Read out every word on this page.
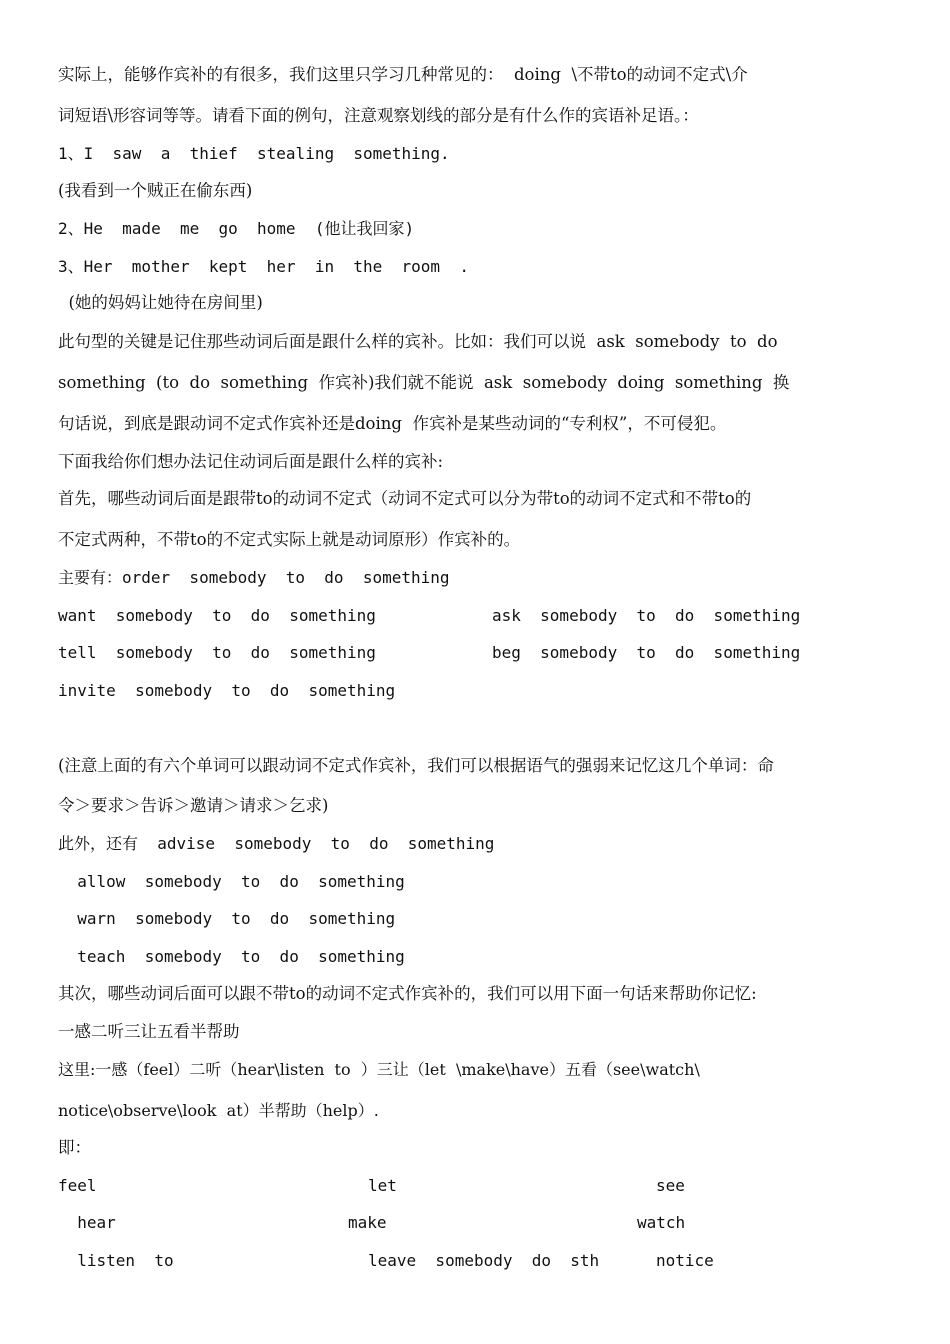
实际上，能够作宾补的有很多，我们这里只学习几种常见的：  doing  \不带to的动词不定式\介
词短语\形容词等等。请看下面的例句，注意观察划线的部分是有什么作的宾语补足语。：
1、I  saw  a  thief  stealing  something.
(我看到一个贼正在偷东西)
2、He  made  me  go  home  (他让我回家)
3、Her  mother  kept  her  in  the  room  .
(她的妈妈让她待在房间里)
此句型的关键是记住那些动词后面是跟什么样的宾补。比如：我们可以说  ask  somebody  to  do
something  (to  do  something  作宾补)我们就不能说  ask  somebody  doing  something  换
句话说，到底是跟动词不定式作宾补还是doing  作宾补是某些动词的“专利权”，不可侵犯。
下面我给你们想办法记住动词后面是跟什么样的宾补:
首先，哪些动词后面是跟带to的动词不定式（动词不定式可以分为带to的动词不定式和不带to的
不定式两种，不带to的不定式实际上就是动词原形）作宾补的。
主要有：order  somebody  to  do  something
want  somebody  to  do  something	ask  somebody  to  do  something
tell  somebody  to  do  something	beg  somebody  to  do  something
invite  somebody  to  do  something
(注意上面的有六个单词可以跟动词不定式作宾补，我们可以根据语气的强弱来记忆这几个单词：命
令＞要求＞告诉＞邀请＞请求＞乞求)
此外，还有  advise  somebody  to  do  something
allow  somebody  to  do  something
warn  somebody  to  do  something
teach  somebody  to  do  something
其次，哪些动词后面可以跟不带to的动词不定式作宾补的，我们可以用下面一句话来帮助你记忆:
一感二听三让五看半帮助
这里:一感（feel）二听（hear\listen  to  ）三让（let  \make\have）五看（see\watch\
notice\observe\look  at）半帮助（help）.
即：
feel	let	see
hear	make	watch
listen  to	leave  somebody  do  sth	notice
